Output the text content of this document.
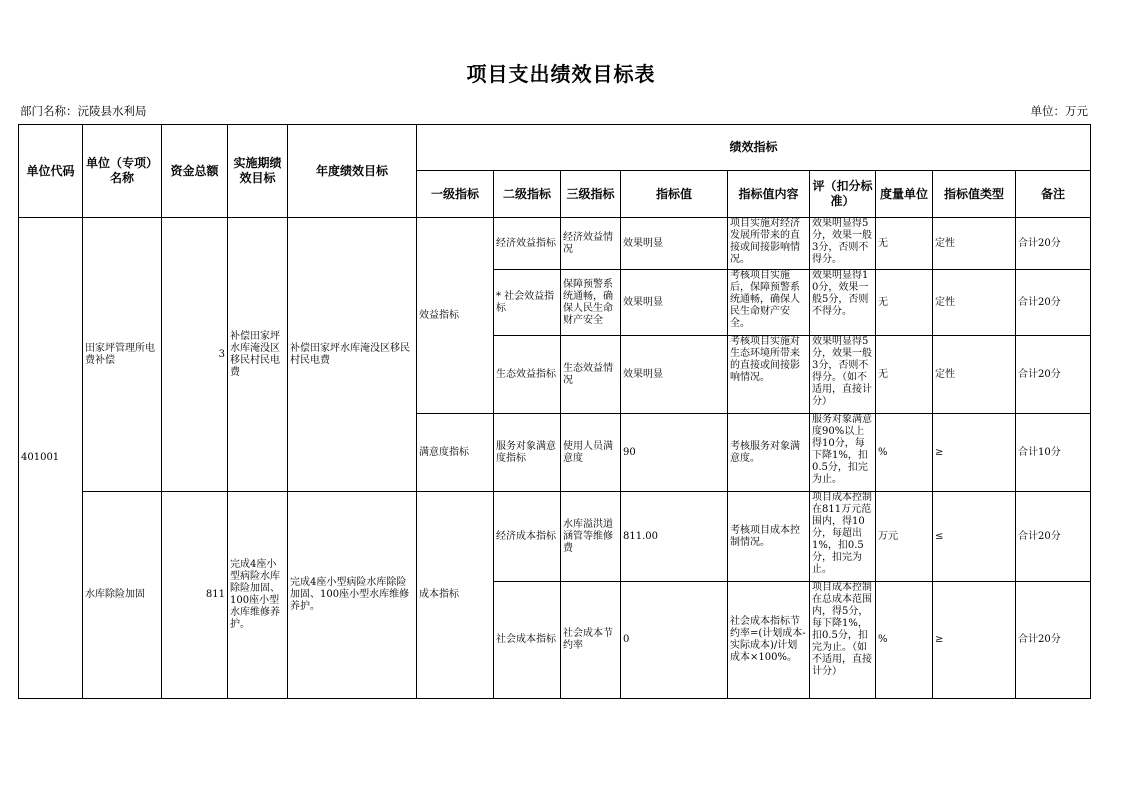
项目支出绩效目标表
部门名称：沅陵县水利局	单位：万元
单位代码	单位（专项）名称	资金总额	实施期绩效目标	年度绩效目标	绩效指标								
					一级指标	二级指标	三级指标	指标值	指标值内容	评（扣分标准）	度量单位	指标值类型	备注
401001	田家坪管理所电费补偿	3	补偿田家坪水库淹没区移民村民电费	补偿田家坪水库淹没区移民村民电费	效益指标	经济效益指标	经济效益情况	效果明显	项目实施对经济发展所带来的直接或间接影响情况。	效果明显得5分，效果一般3分，否则不得分。	无	定性	合计20分
						* 社会效益指标	保障预警系统通畅，确保人民生命财产安全	效果明显	考核项目实施后，保障预警系统通畅，确保人民生命财产安全。	效果明显得10分，效果一般5分，否则不得分。	无	定性	合计20分
						生态效益指标	生态效益情况	效果明显	考核项目实施对生态环境所带来的直接或间接影响情况。	效果明显得5分，效果一般3分，否则不得分。（如不适用，直接计分）	无	定性	合计20分
					满意度指标	服务对象满意度指标	使用人员满意度	90	考核服务对象满意度。	服务对象满意度90%以上得10分，每下降1%，扣0.5分，扣完为止。	%	≥	合计10分
	水库除险加固	811	完成4座小型病险水库除险加固、100座小型水库维修养护。	完成4座小型病险水库除险加固、100座小型水库维修养护。	成本指标	经济成本指标	水库溢洪道涵管等维修费	811.00	考核项目成本控制情况。	项目成本控制在811万元范围内，得10分，每超出1%，扣0.5分，扣完为止。	万元	≤	合计20分
						社会成本指标	社会成本节约率	0	社会成本指标节约率=(计划成本-实际成本)/计划成本×100%。	项目成本控制在总成本范围内，得5分，每下降1%，扣0.5分，扣完为止。（如不适用，直接计分）	%	≥	合计20分
